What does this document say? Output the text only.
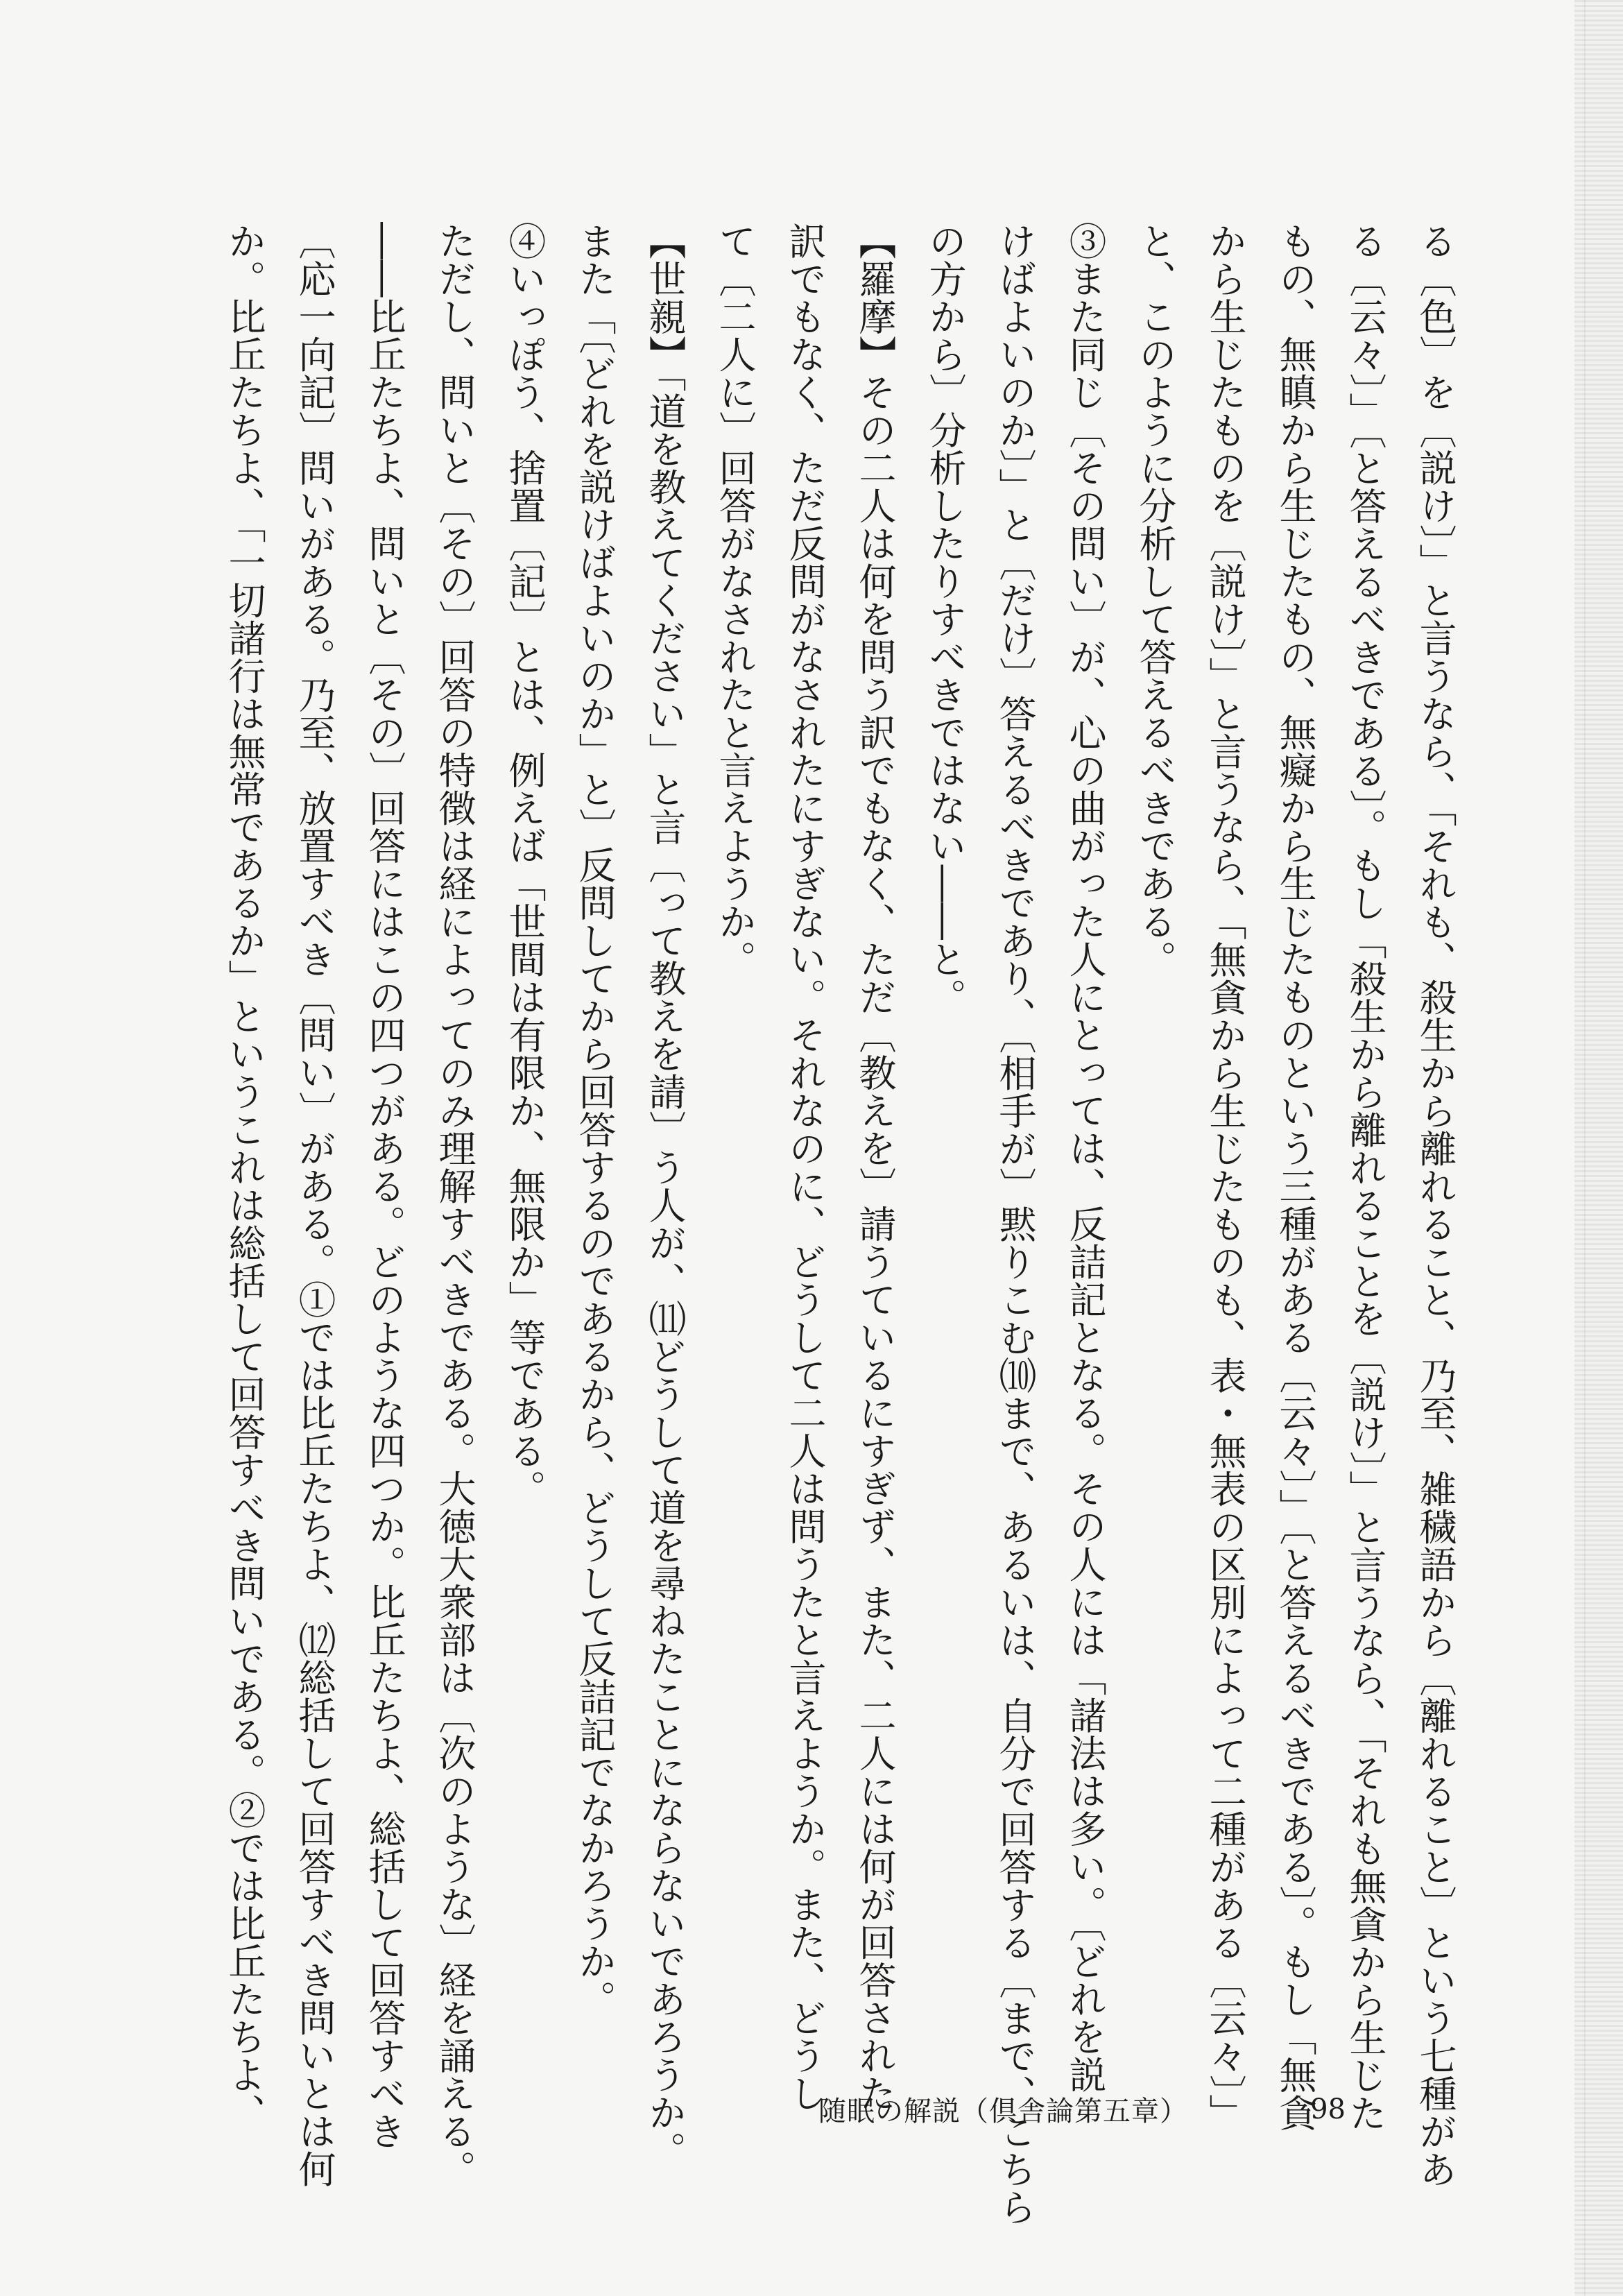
る〔色〕を〔説け〕」と言うなら、「それも、殺生から離れること、乃至、雑穢語から〔離れること〕という七種があ
る〔云々〕」〔と答えるべきである〕。もし「殺生から離れることを〔説け〕」と言うなら、「それも無貪から生じた
もの、無瞋から生じたもの、無癡から生じたものという三種がある〔云々〕」〔と答えるべきである〕。もし「無貪
から生じたものを〔説け〕」と言うなら、「無貪から生じたものも、表・無表の区別によって二種がある〔云々〕」
と、このように分析して答えるべきである。
③また同じ〔その問い〕が、心の曲がった人にとっては、反詰記となる。その人には「諸法は多い。〔どれを説
けばよいのか〕」と〔だけ〕答えるべきであり、〔相手が〕黙りこむ⑽まで、あるいは、自分で回答する〔まで、こちら
の方から〕分析したりすべきではない――と。
【羅摩】その二人は何を問う訳でもなく、ただ〔教えを〕請うているにすぎず、また、二人には何が回答された
訳でもなく、ただ反問がなされたにすぎない。それなのに、どうして二人は問うたと言えようか。また、どうし
て〔二人に〕回答がなされたと言えようか。
【世親】「道を教えてください」と言〔って教えを請〕う人が、⑾どうして道を尋ねたことにならないであろうか。
また「〔どれを説けばよいのか」と〕反問してから回答するのであるから、どうして反詰記でなかろうか。
④いっぽう、捨置〔記〕とは、例えば「世間は有限か、無限か」等である。
ただし、問いと〔その〕回答の特徴は経によってのみ理解すべきである。大徳大衆部は〔次のような〕経を誦える。
――比丘たちよ、問いと〔その〕回答にはこの四つがある。どのような四つか。比丘たちよ、総括して回答すべき
〔応一向記〕問いがある。乃至、放置すべき〔問い〕がある。①では比丘たちよ、⑿総括して回答すべき問いとは何
か。比丘たちよ、「一切諸行は無常であるか」というこれは総括して回答すべき問いである。②では比丘たちよ、	随眠の解説（倶舎論第五章）	98
